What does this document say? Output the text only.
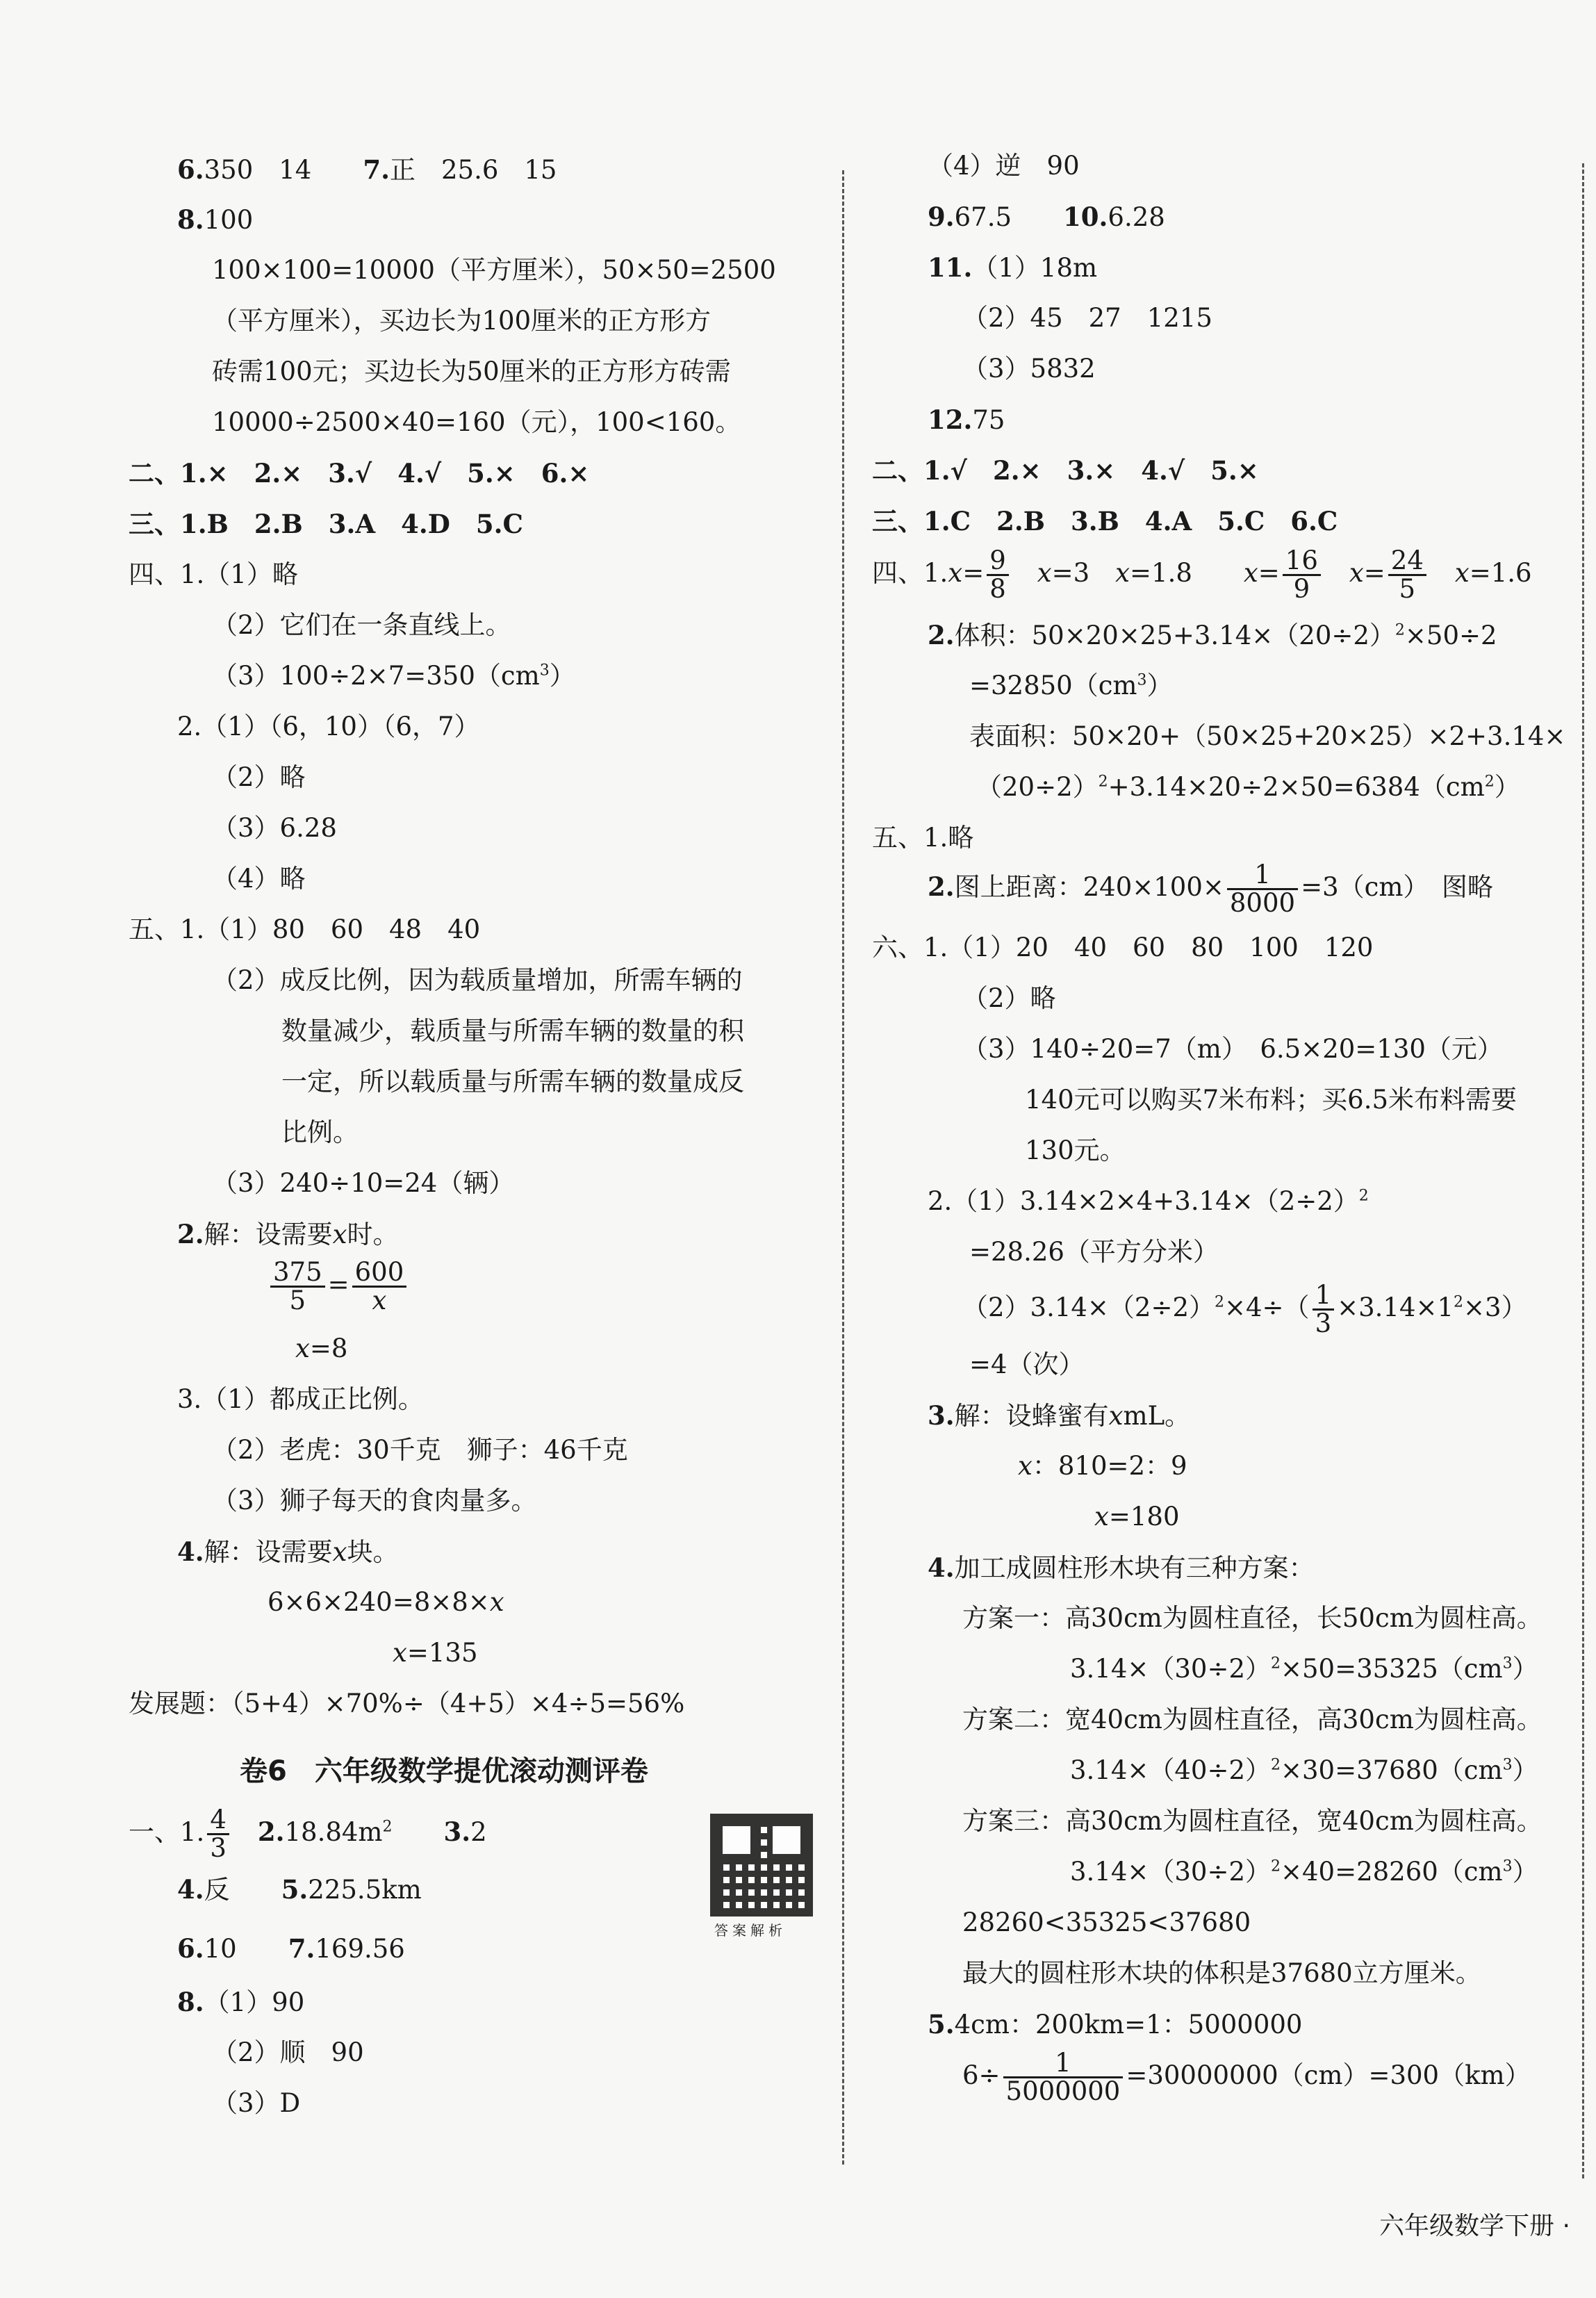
6.350　14　　7.正　25.6　15
8.100
100×100=10000（平方厘米），50×50=2500
（平方厘米），买边长为100厘米的正方形方
砖需100元；买边长为50厘米的正方形方砖需
10000÷2500×40=160（元），100<160。
二、1.×　2.×　3.√　4.√　5.×　6.×
三、1.B　2.B　3.A　4.D　5.C
四、1.（1）略
（2）它们在一条直线上。
$(3)100\div 2\times 7=350(cm^3)$
2.（1）（6，10）（6，7）
（2）略
（3）6.28
（4）略
五、1.（1）80　60　48　40
（2）成反比例，因为载质量增加，所需车辆的
数量减少，载质量与所需车辆的数量的积
一定，所以载质量与所需车辆的数量成反
比例。
（3）240÷10=24（辆）
2.解：设需要x时。
$\frac{375}{5} = \frac{600}{x}$
x=8
3.（1）都成正比例。
（2）老虎：30千克　狮子：46千克
（3）狮子每天的食肉量多。
4.解：设需要x块。
6×6×240=8×8×x
x=135
发展题：（5+4）×70%÷（4+5）×4÷5=56%
卷6　六年级数学提优滚动测评卷
一、1. $\frac{4}{3}$
　 $2.18.84m^2$　　 3.2
4.反　　5.225.5km
6.10　　7.169.56
8.（1）90
（2）顺　90
（3）D
答案解析
（4）逆　90
9.67.5　　10.6.28
11.（1）18m
（2）45　27　1215
（3）5832
12.75
二、1.√　2.×　3.×　4.√　5.×
三、1.C　2.B　3.B　4.A　5.C　6.C
四、$1.x= \frac{9}{8}$
　 x=3　 x=1.8　　 $x= \frac{16}{9}$
　 $x= \frac{24}{5}$
　 x=1.6
2.体积：$50\times 20\times 25+3.14\times(20\div 2)^2\times 50\div 2$
$=32850(cm^3)$
表面积：50×20+（50×25+20×25）×2+3.14×
$(20\div 2)^2+3.14\times 20\div 2\times 50=6384(cm^2)$
五、1.略
2.图上距离：$240\times 100\times \frac{1}{8000} =3(cm)$　图略
六、1.（1）20　40　60　80　100　120
（2）略
（3）140÷20=7（m）　6.5×20=130（元）
140元可以购买7米布料；买6.5米布料需要
130元。
$2.(1)3.14\times 2\times 4+3.14\times(2\div 2)^2$
=28.26（平方分米）
$(2)3.14\times(2\div 2)^2\times 4\div( \frac{1}{3} \times 3.14\times 1^2\times 3)$
=4（次）
3.解：设蜂蜜有xmL。
x：810=2：9
x=180
4.加工成圆柱形木块有三种方案：
方案一：高30cm为圆柱直径，长50cm为圆柱高。
$3.14\times(30\div 2)^2\times 50=35325(cm^3)$
方案二：宽40cm为圆柱直径，高30cm为圆柱高。
$3.14\times(40\div 2)^2\times 30=37680(cm^3)$
方案三：高30cm为圆柱直径，宽40cm为圆柱高。
$3.14\times(30\div 2)^2\times 40=28260(cm^3)$
28260<35325<37680
最大的圆柱形木块的体积是37680立方厘米。
5.4cm：200km=1：5000000
$6\div \frac{1}{5000000} =30000000(cm)=300(km)$
六年级数学下册 ·
